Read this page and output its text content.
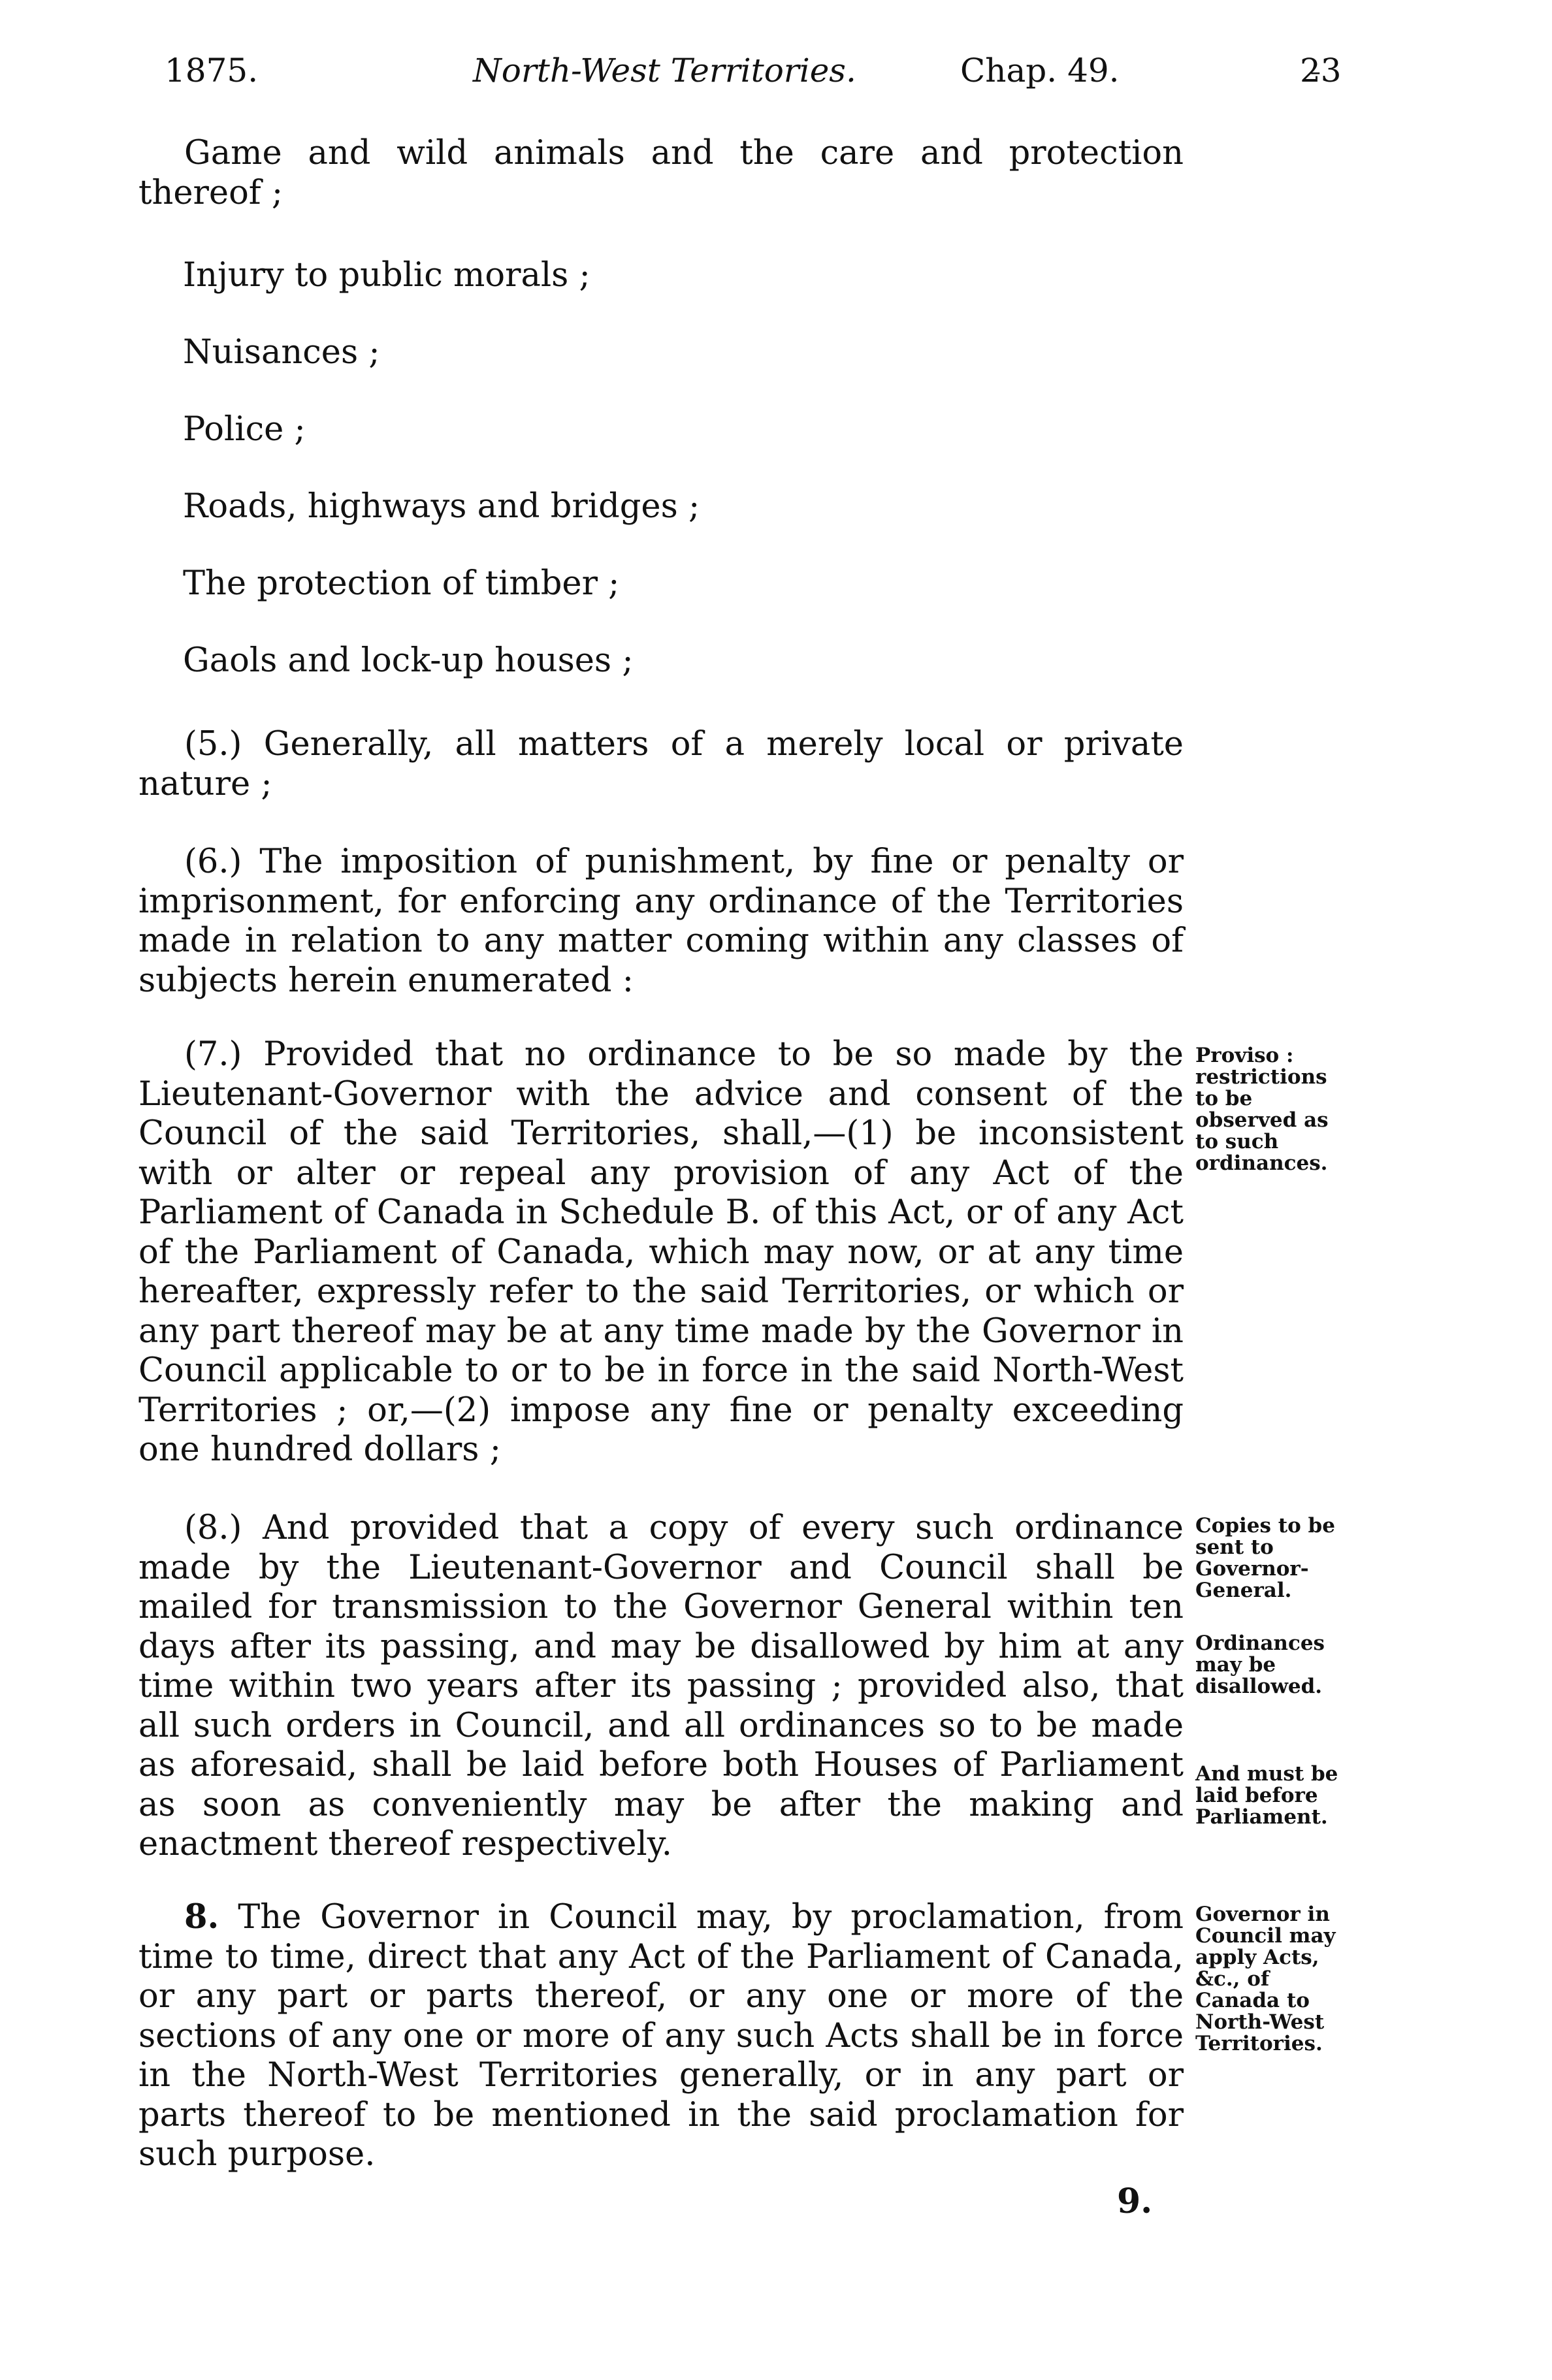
1875.	North-West Territories.	Chap. 49.	2̵3

Game and wild animals and the care and protection thereof ;

Injury to public morals ;

Nuisances ;

Police ;

Roads, highways and bridges ;

The protection of timber ;

Gaols and lock-up houses ;

(5.) Generally, all matters of a merely local or private nature ;

(6.) The imposition of punishment, by fine or penalty or imprisonment, for enforcing any ordinance of the Territories made in relation to any matter coming within any classes of subjects herein enumerated :

(7.) Provided that no ordinance to be so made by the Lieutenant-Governor with the advice and consent of the Council of the said Territories, shall,—(1) be inconsistent with or alter or repeal any provision of any Act of the Parliament of Canada in Schedule B. of this Act, or of any Act of the Parliament of Canada, which may now, or at any time hereafter, expressly refer to the said Territories, or which or any part thereof may be at any time made by the Governor in Council applicable to or to be in force in the said North-West Territories ; or,—(2) impose any fine or penalty exceeding one hundred dollars ;

(8.) And provided that a copy of every such ordinance made by the Lieutenant-Governor and Council shall be mailed for transmission to the Governor General within ten days after its passing, and may be disallowed by him at any time within two years after its passing ; provided also, that all such orders in Council, and all ordinances so to be made as aforesaid, shall be laid before both Houses of Parliament as soon as conveniently may be after the making and enactment thereof respectively.

8. The Governor in Council may, by proclamation, from time to time, direct that any Act of the Parliament of Canada, or any part or parts thereof, or any one or more of the sections of any one or more of any such Acts shall be in force in the North-West Territories generally, or in any part or parts thereof to be mentioned in the said proclamation for such purpose.

Proviso : restrictions to be observed as to such ordinances.
Copies to be sent to Governor-General.
Ordinances may be disallowed.
And must be laid before Parliament.
Governor in Council may apply Acts, &c., of Canada to North-West Territories.
9.
